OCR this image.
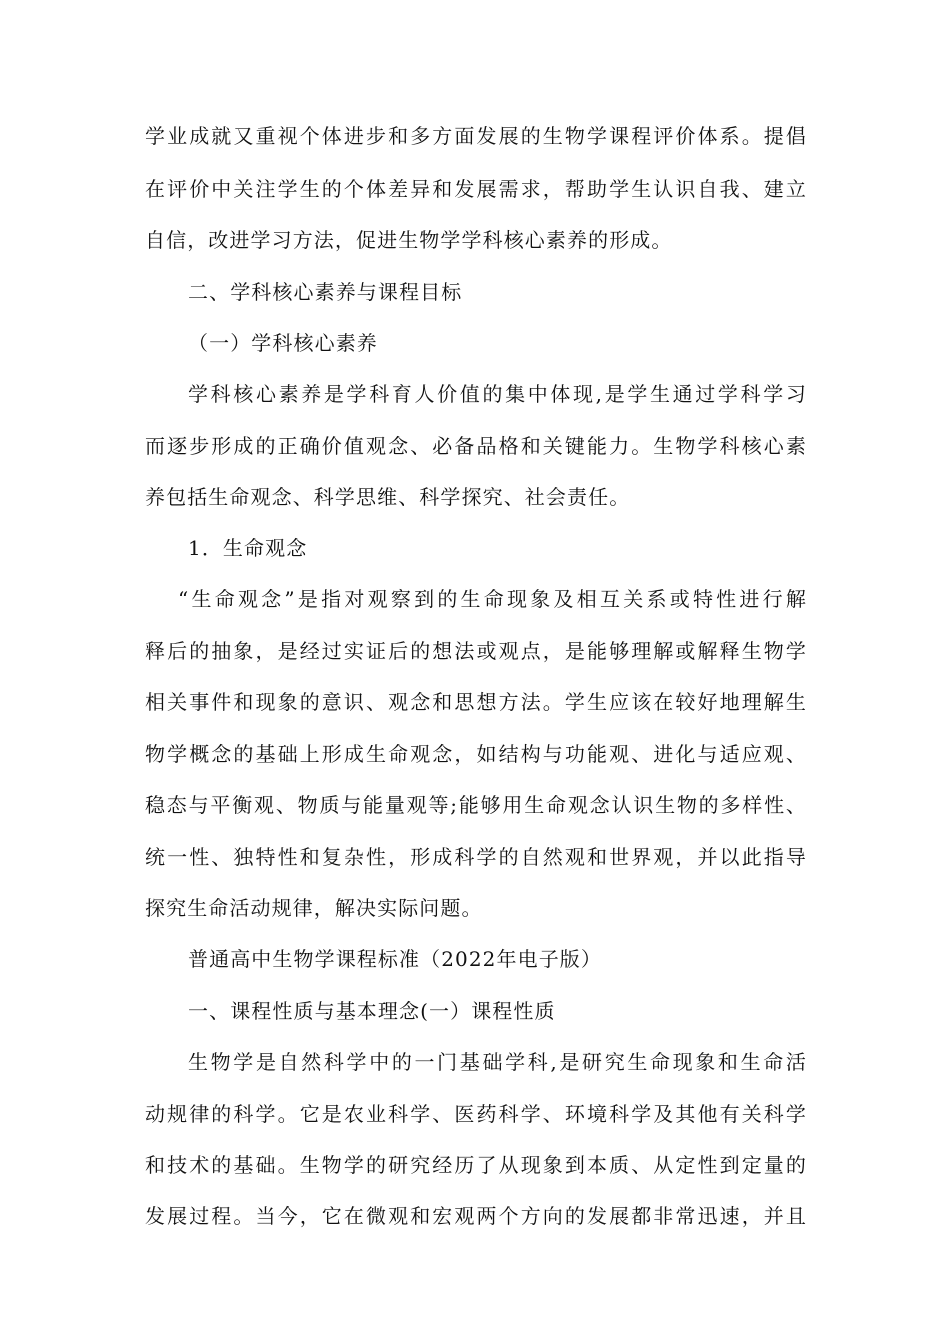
学业成就又重视个体进步和多方面发展的生物学课程评价体系。提倡
在评价中关注学生的个体差异和发展需求，帮助学生认识自我、建立
自信，改进学习方法，促进生物学学科核心素养的形成。
二、学科核心素养与课程目标
（一）学科核心素养
学科核心素养是学科育人价值的集中体现,是学生通过学科学习
而逐步形成的正确价值观念、必备品格和关键能力。生物学科核心素
养包括生命观念、科学思维、科学探究、社会责任。
1．生命观念
“生命观念”是指对观察到的生命现象及相互关系或特性进行解
释后的抽象，是经过实证后的想法或观点，是能够理解或解释生物学
相关事件和现象的意识、观念和思想方法。学生应该在较好地理解生
物学概念的基础上形成生命观念，如结构与功能观、进化与适应观、
稳态与平衡观、物质与能量观等;能够用生命观念认识生物的多样性、
统一性、独特性和复杂性，形成科学的自然观和世界观，并以此指导
探究生命活动规律，解决实际问题。
普通高中生物学课程标准（2022年电子版）
一、课程性质与基本理念(一）课程性质
生物学是自然科学中的一门基础学科,是研究生命现象和生命活
动规律的科学。它是农业科学、医药科学、环境科学及其他有关科学
和技术的基础。生物学的研究经历了从现象到本质、从定性到定量的
发展过程。当今，它在微观和宏观两个方向的发展都非常迅速，并且
